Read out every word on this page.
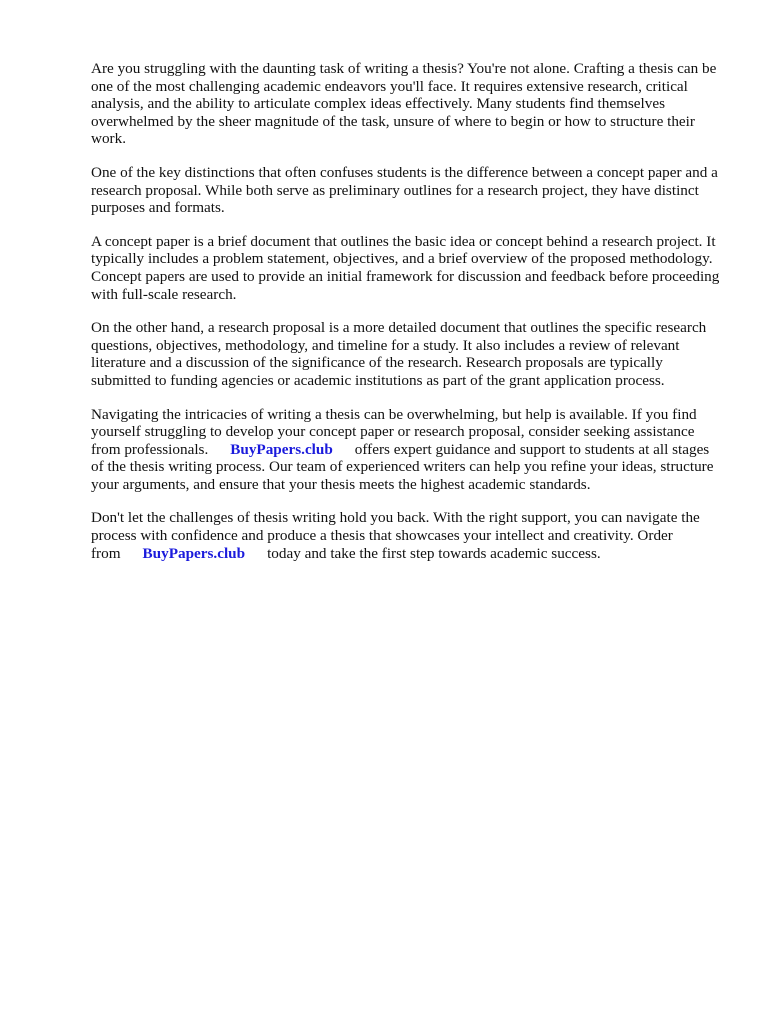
Are you struggling with the daunting task of writing a thesis? You're not alone. Crafting a thesis can be one of the most challenging academic endeavors you'll face. It requires extensive research, critical analysis, and the ability to articulate complex ideas effectively. Many students find themselves overwhelmed by the sheer magnitude of the task, unsure of where to begin or how to structure their work.

One of the key distinctions that often confuses students is the difference between a concept paper and a research proposal. While both serve as preliminary outlines for a research project, they have distinct purposes and formats.

A concept paper is a brief document that outlines the basic idea or concept behind a research project. It typically includes a problem statement, objectives, and a brief overview of the proposed methodology. Concept papers are used to provide an initial framework for discussion and feedback before proceeding with full-scale research.

On the other hand, a research proposal is a more detailed document that outlines the specific research questions, objectives, methodology, and timeline for a study. It also includes a review of relevant literature and a discussion of the significance of the research. Research proposals are typically submitted to funding agencies or academic institutions as part of the grant application process.

Navigating the intricacies of writing a thesis can be overwhelming, but help is available. If you find yourself struggling to develop your concept paper or research proposal, consider seeking assistance from professionals. BuyPapers.club offers expert guidance and support to students at all stages of the thesis writing process. Our team of experienced writers can help you refine your ideas, structure your arguments, and ensure that your thesis meets the highest academic standards.

Don't let the challenges of thesis writing hold you back. With the right support, you can navigate the process with confidence and produce a thesis that showcases your intellect and creativity. Order from BuyPapers.club today and take the first step towards academic success.
